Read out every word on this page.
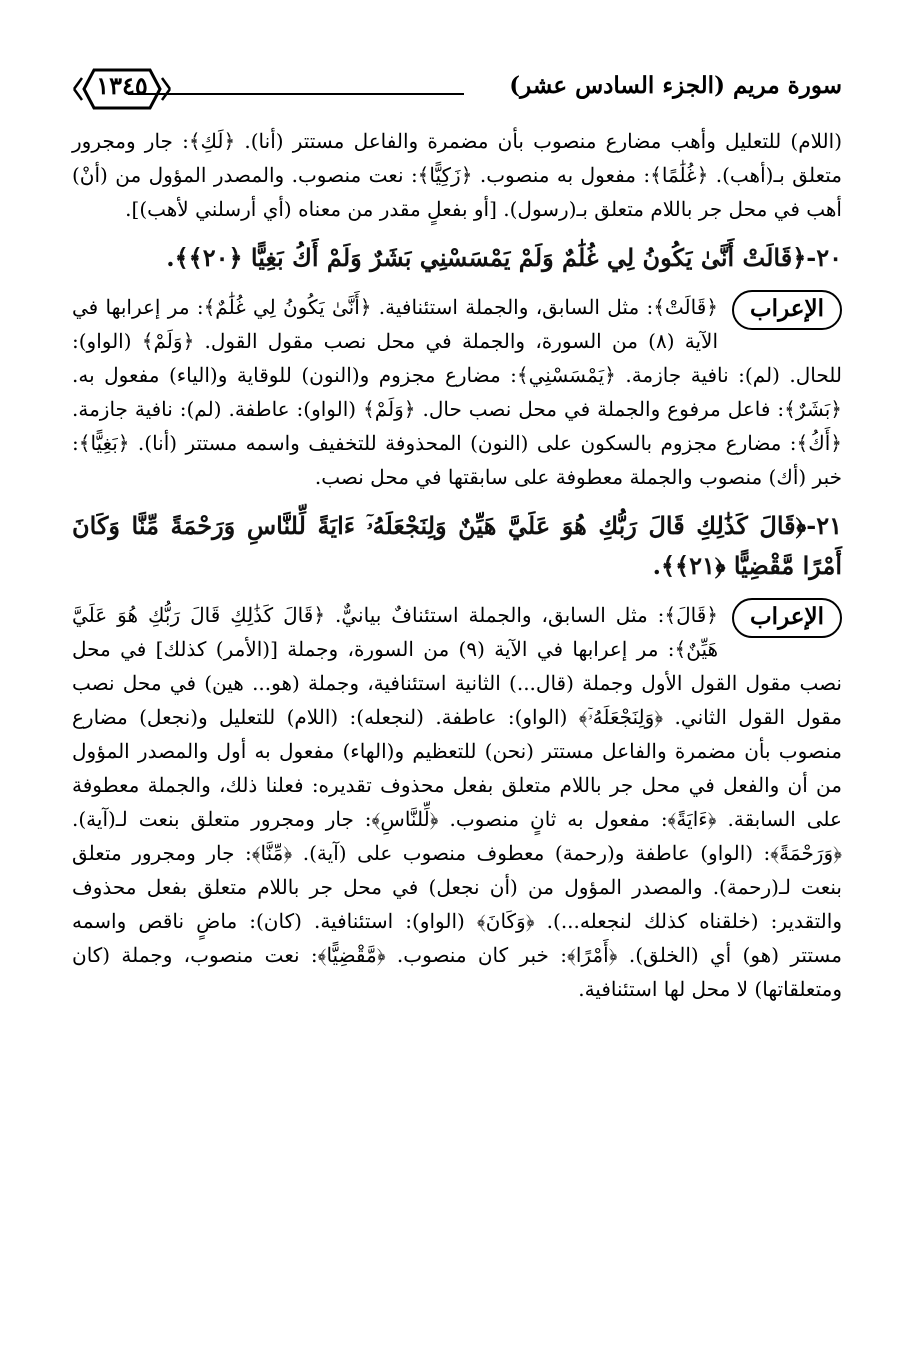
سورة مريم (الجزء السادس عشر)
١٣٤٥

(اللام) للتعليل وأهب مضارع منصوب بأن مضمرة والفاعل مستتر (أنا). ﴿لَكِ﴾: جار ومجرور متعلق بـ(أهب). ﴿غُلَٰمًا﴾: مفعول به منصوب. ﴿زَكِيًّا﴾: نعت منصوب. والمصدر المؤول من (أنْ) أهب في محل جر باللام متعلق بـ(رسول). [أو بفعلٍ مقدر من معناه (أي أرسلني لأهب)].

٢٠-﴿قَالَتْ أَنَّىٰ يَكُونُ لِي غُلَٰمٌ وَلَمْ يَمْسَسْنِي بَشَرٌ وَلَمْ أَكُ بَغِيًّا ﴿٢٠﴾﴾.

الإعراب

﴿قَالَتْ﴾: مثل السابق، والجملة استئنافية. ﴿أَنَّىٰ يَكُونُ لِي غُلَٰمٌ﴾: مر إعرابها في الآية (٨) من السورة، والجملة في محل نصب مقول القول. ﴿وَلَمْ﴾ (الواو): للحال. (لم): نافية جازمة. ﴿يَمْسَسْنِي﴾: مضارع مجزوم و(النون) للوقاية و(الياء) مفعول به. ﴿بَشَرٌ﴾: فاعل مرفوع والجملة في محل نصب حال. ﴿وَلَمْ﴾ (الواو): عاطفة. (لم): نافية جازمة. ﴿أَكُ﴾: مضارع مجزوم بالسكون على (النون) المحذوفة للتخفيف واسمه مستتر (أنا). ﴿بَغِيًّا﴾: خبر (أك) منصوب والجملة معطوفة على سابقتها في محل نصب.

٢١-﴿قَالَ كَذَٰلِكِ قَالَ رَبُّكِ هُوَ عَلَيَّ هَيِّنٌ وَلِنَجْعَلَهُۥٓ ءَايَةً لِّلنَّاسِ وَرَحْمَةً مِّنَّا وَكَانَ أَمْرًا مَّقْضِيًّا ﴿٢١﴾﴾.

الإعراب

﴿قَالَ﴾: مثل السابق، والجملة استئنافٌ بيانيٌّ. ﴿قَالَ كَذَٰلِكِ قَالَ رَبُّكِ هُوَ عَلَيَّ هَيِّنٌ﴾: مر إعرابها في الآية (٩) من السورة، وجملة [(الأمر) كذلك] في محل نصب مقول القول الأول وجملة (قال...) الثانية استئنافية، وجملة (هو... هين) في محل نصب مقول القول الثاني. ﴿وَلِنَجْعَلَهُۥٓ﴾ (الواو): عاطفة. (لنجعله): (اللام) للتعليل و(نجعل) مضارع منصوب بأن مضمرة والفاعل مستتر (نحن) للتعظيم و(الهاء) مفعول به أول والمصدر المؤول من أن والفعل في محل جر باللام متعلق بفعل محذوف تقديره: فعلنا ذلك، والجملة معطوفة على السابقة. ﴿ءَايَةً﴾: مفعول به ثانٍ منصوب. ﴿لِّلنَّاسِ﴾: جار ومجرور متعلق بنعت لـ(آية). ﴿وَرَحْمَةً﴾: (الواو) عاطفة و(رحمة) معطوف منصوب على (آية). ﴿مِّنَّا﴾: جار ومجرور متعلق بنعت لـ(رحمة). والمصدر المؤول من (أن نجعل) في محل جر باللام متعلق بفعل محذوف والتقدير: (خلقناه كذلك لنجعله...). ﴿وَكَانَ﴾ (الواو): استئنافية. (كان): ماضٍ ناقص واسمه مستتر (هو) أي (الخلق). ﴿أَمْرًا﴾: خبر كان منصوب. ﴿مَّقْضِيًّا﴾: نعت منصوب، وجملة (كان ومتعلقاتها) لا محل لها استئنافية.
